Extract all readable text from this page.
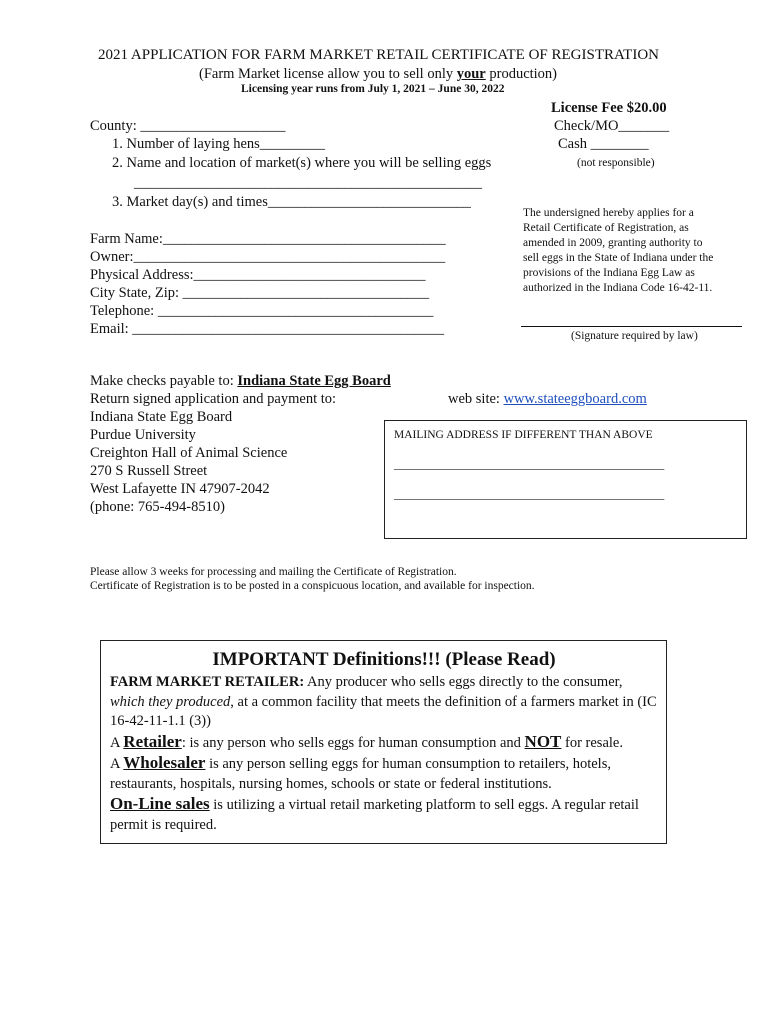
2021 APPLICATION FOR FARM MARKET RETAIL CERTIFICATE OF REGISTRATION
(Farm Market license allow you to sell only your production)
Licensing year runs from July 1, 2021 – June 30, 2022
License Fee $20.00
Check/MO_______
Cash ________
(not responsible)
County: ____________________
1. Number of laying hens_________
2. Name and location of market(s) where you will be selling eggs
________________________________________________
3. Market day(s) and times____________________________
Farm Name:_______________________________________
Owner:___________________________________________
Physical Address:________________________________
City State, Zip: __________________________________
Telephone: ______________________________________
Email: ___________________________________________
The undersigned hereby applies for a
Retail Certificate of Registration, as
amended in 2009, granting authority to
sell eggs in the State of Indiana under the
provisions of the Indiana Egg Law as
authorized in the Indiana Code 16-42-11.
(Signature required by law)
Make checks payable to: Indiana State Egg Board
Return signed application and payment to:	web site: www.stateeggboard.com
Indiana State Egg Board
Purdue University
Creighton Hall of Animal Science
270 S Russell Street
West Lafayette IN 47907-2042
(phone: 765-494-8510)
MAILING ADDRESS IF DIFFERENT THAN ABOVE
_______________________________________________
_______________________________________________
Please allow 3 weeks for processing and mailing the Certificate of Registration.
Certificate of Registration is to be posted in a conspicuous location, and available for inspection.

IMPORTANT Definitions!!! (Please Read)

FARM MARKET RETAILER: Any producer who sells eggs directly to the consumer, which they produced, at a common facility that meets the definition of a farmers market in (IC 16-42-11-1.1 (3))

A Retailer: is any person who sells eggs for human consumption and NOT for resale.

A Wholesaler is any person selling eggs for human consumption to retailers, hotels, restaurants, hospitals, nursing homes, schools or state or federal institutions.

On-Line sales is utilizing a virtual retail marketing platform to sell eggs. A regular retail permit is required.
